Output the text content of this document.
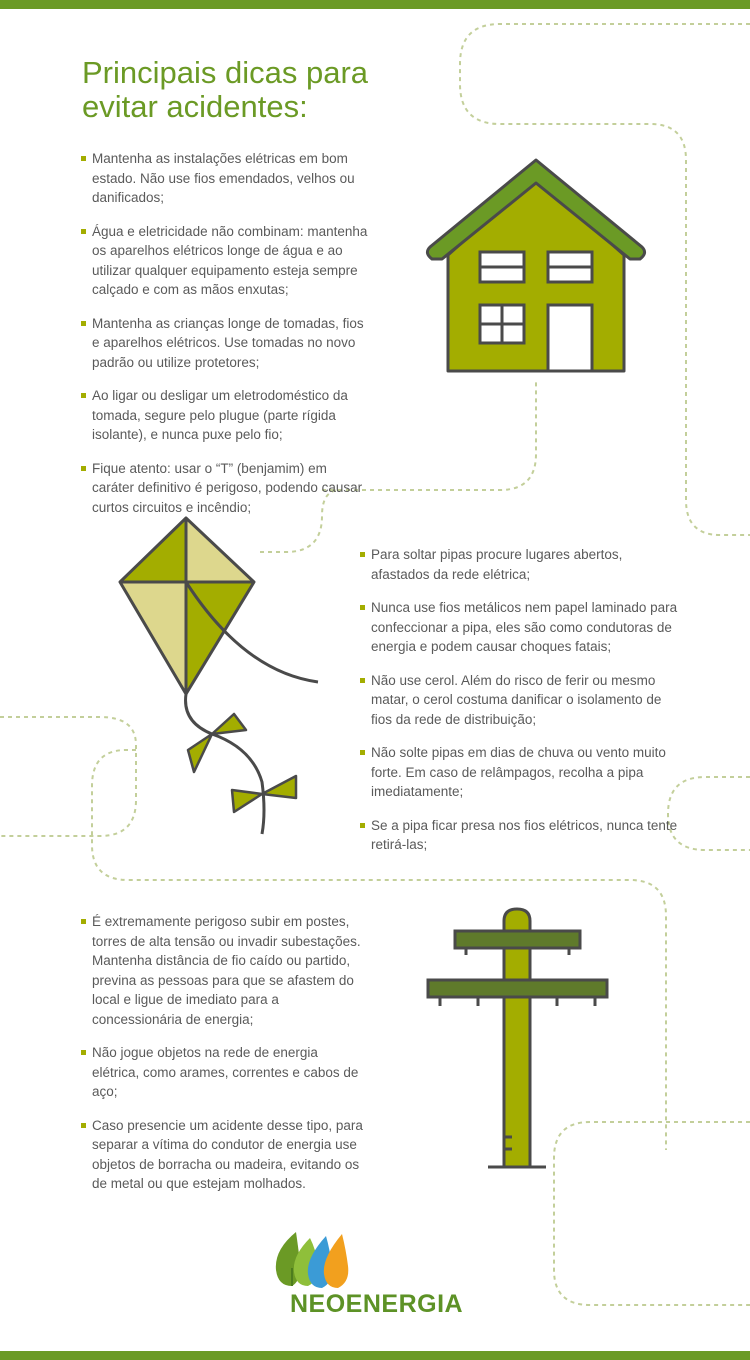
Principais dicas para evitar acidentes:
Mantenha as instalações elétricas em bom estado. Não use fios emendados, velhos ou danificados;
Água e eletricidade não combinam: mantenha os aparelhos elétricos longe de água e ao utilizar qualquer equipamento esteja sempre calçado e com as mãos enxutas;
Mantenha as crianças longe de tomadas, fios e aparelhos elétricos. Use tomadas no novo padrão ou utilize protetores;
Ao ligar ou desligar um eletrodoméstico da tomada, segure pelo plugue (parte rígida isolante), e nunca puxe pelo fio;
Fique atento: usar o “T” (benjamim) em caráter definitivo é perigoso, podendo causar curtos circuitos e incêndio;
Para soltar pipas procure lugares abertos, afastados da rede elétrica;
Nunca use fios metálicos nem papel laminado para confeccionar a pipa, eles são como condutoras de energia e podem causar choques fatais;
Não use cerol. Além do risco de ferir ou mesmo matar, o cerol costuma danificar o isolamento de fios da rede de distribuição;
Não solte pipas em dias de chuva ou vento muito forte. Em caso de relâmpagos, recolha a pipa imediatamente;
Se a pipa ficar presa nos fios elétricos, nunca tente retirá-las;
É extremamente perigoso subir em postes, torres de alta tensão ou invadir subestações. Mantenha distância de fio caído ou partido, previna as pessoas para que se afastem do local e ligue de imediato para a concessionária de energia;
Não jogue objetos na rede de energia elétrica, como arames, correntes e cabos de aço;
Caso presencie um acidente desse tipo, para separar a vítima do condutor de energia use objetos de borracha ou madeira, evitando os de metal ou que estejam molhados.

NEOENERGIA
